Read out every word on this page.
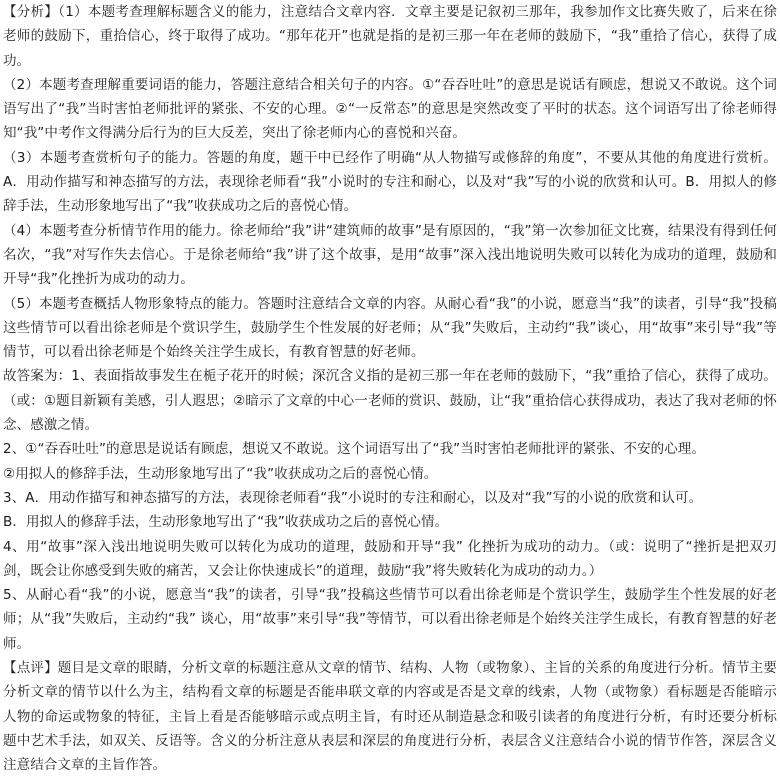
【分析】（1）本题考查理解标题含义的能力，注意结合文章内容．文章主要是记叙初三那年，我参加作文比赛失败了，后来在徐老师的鼓励下，重拾信心，终于取得了成功。“那年花开”也就是指的是初三那一年在老师的鼓励下，“我”重拾了信心，获得了成功。

（2）本题考查理解重要词语的能力，答题注意结合相关句子的内容。①“吞吞吐吐”的意思是说话有顾虑，想说又不敢说。这个词语写出了“我”当时害怕老师批评的紧张、不安的心理。②“一反常态”的意思是突然改变了平时的状态。这个词语写出了徐老师得知“我”中考作文得满分后行为的巨大反差，突出了徐老师内心的喜悦和兴奋。

（3）本题考查赏析句子的能力。答题的角度，题干中已经作了明确“从人物描写或修辞的角度”，不要从其他的角度进行赏析。A．用动作描写和神态描写的方法，表现徐老师看“我”小说时的专注和耐心，以及对“我”写的小说的欣赏和认可。B．用拟人的修辞手法，生动形象地写出了“我”收获成功之后的喜悦心情。

（4）本题考查分析情节作用的能力。徐老师给“我”讲“建筑师的故事”是有原因的，“我”第一次参加征文比赛，结果没有得到任何名次，“我”对写作失去信心。于是徐老师给“我”讲了这个故事，是用“故事”深入浅出地说明失败可以转化为成功的道理，鼓励和开导“我”化挫折为成功的动力。

（5）本题考查概括人物形象特点的能力。答题时注意结合文章的内容。从耐心看“我”的小说，愿意当“我”的读者，引导“我”投稿这些情节可以看出徐老师是个赏识学生，鼓励学生个性发展的好老师；从“我”失败后，主动约“我”谈心，用“故事”来引导“我”等情节，可以看出徐老师是个始终关注学生成长，有教育智慧的好老师。

故答案为：1、表面指故事发生在栀子花开的时候；深沉含义指的是初三那一年在老师的鼓励下，“我”重拾了信心，获得了成功。（或：①题目新颖有美感，引人遐思；②暗示了文章的中心一老师的赏识、鼓励，让“我”重拾信心获得成功，表达了我对老师的怀念、感激之情。

2、①“吞吞吐吐”的意思是说话有顾虑，想说又不敢说。这个词语写出了“我”当时害怕老师批评的紧张、不安的心理。

②用拟人的修辞手法，生动形象地写出了“我”收获成功之后的喜悦心情。

3、A．用动作描写和神态描写的方法，表现徐老师看“我”小说时的专注和耐心，以及对“我”写的小说的欣赏和认可。

B．用拟人的修辞手法，生动形象地写出了“我”收获成功之后的喜悦心情。

4、用“故事”深入浅出地说明失败可以转化为成功的道理，鼓励和开导“我” 化挫折为成功的动力。（或：说明了“挫折是把双刃剑，既会让你感受到失败的痛苦，又会让你快速成长”的道理，鼓励“我”将失败转化为成功的动力。）

5、从耐心看“我”的小说，愿意当“我”的读者，引导“我”投稿这些情节可以看出徐老师是个赏识学生，鼓励学生个性发展的好老师；从“我”失败后，主动约“我” 谈心，用“故事”来引导“我”等情节，可以看出徐老师是个始终关注学生成长，有教育智慧的好老师。

【点评】题目是文章的眼睛，分析文章的标题注意从文章的情节、结构、人物（或物象）、主旨的关系的角度进行分析。情节主要分析文章的情节以什么为主，结构看文章的标题是否能串联文章的内容或是否是文章的线索，人物（或物象）看标题是否能暗示人物的命运或物象的特征，主旨上看是否能够暗示或点明主旨，有时还从制造悬念和吸引读者的角度进行分析，有时还要分析标题中艺术手法，如双关、反语等。含义的分析注意从表层和深层的角度进行分析，表层含义注意结合小说的情节作答，深层含义注意结合文章的主旨作答。
